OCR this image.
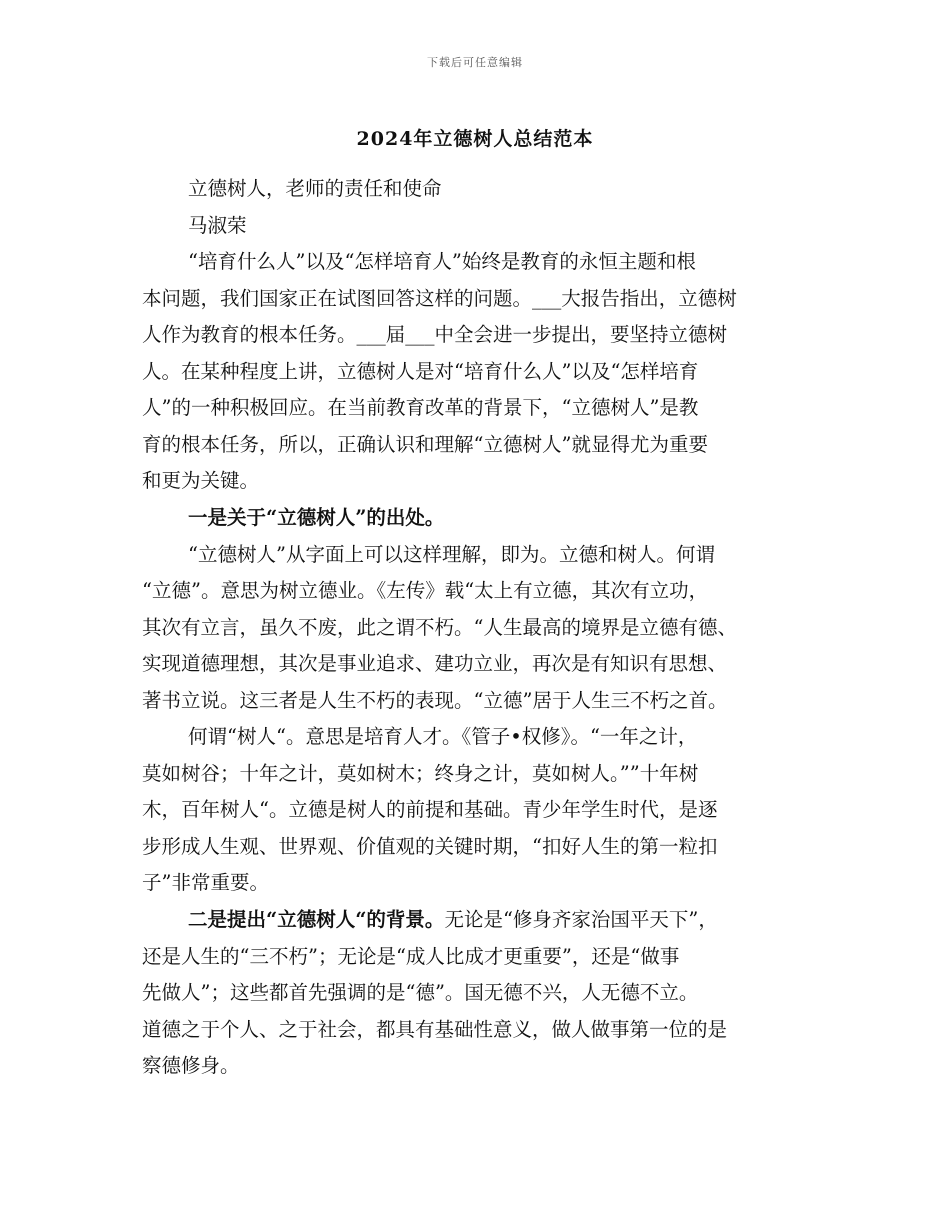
下载后可任意编辑
2024年立德树人总结范本
立德树人，老师的责任和使命
马淑荣
“培育什么人”以及“怎样培育人”始终是教育的永恒主题和根
本问题，我们国家正在试图回答这样的问题。___大报告指出，立德树
人作为教育的根本任务。___届___中全会进一步提出，要坚持立德树
人。在某种程度上讲，立德树人是对“培育什么人”以及“怎样培育
人”的一种积极回应。在当前教育改革的背景下，“立德树人”是教
育的根本任务，所以，正确认识和理解“立德树人”就显得尤为重要
和更为关键。
一是关于“立德树人”的出处。
“立德树人”从字面上可以这样理解，即为。立德和树人。何谓
“立德”。意思为树立德业。《左传》载“太上有立德，其次有立功，
其次有立言，虽久不废，此之谓不朽。“人生最高的境界是立德有德、
实现道德理想，其次是事业追求、建功立业，再次是有知识有思想、
著书立说。这三者是人生不朽的表现。“立德”居于人生三不朽之首。
何谓“树人“。意思是培育人才。《管子•权修》。“一年之计，
莫如树谷；十年之计，莫如树木；终身之计，莫如树人。””十年树
木，百年树人“。立德是树人的前提和基础。青少年学生时代，是逐
步形成人生观、世界观、价值观的关键时期，“扣好人生的第一粒扣
子”非常重要。
二是提出“立德树人“的背景。无论是“修身齐家治国平天下”，
还是人生的“三不朽”；无论是“成人比成才更重要”，还是“做事
先做人”；这些都首先强调的是“德”。国无德不兴，人无德不立。
道德之于个人、之于社会，都具有基础性意义，做人做事第一位的是
察德修身。
